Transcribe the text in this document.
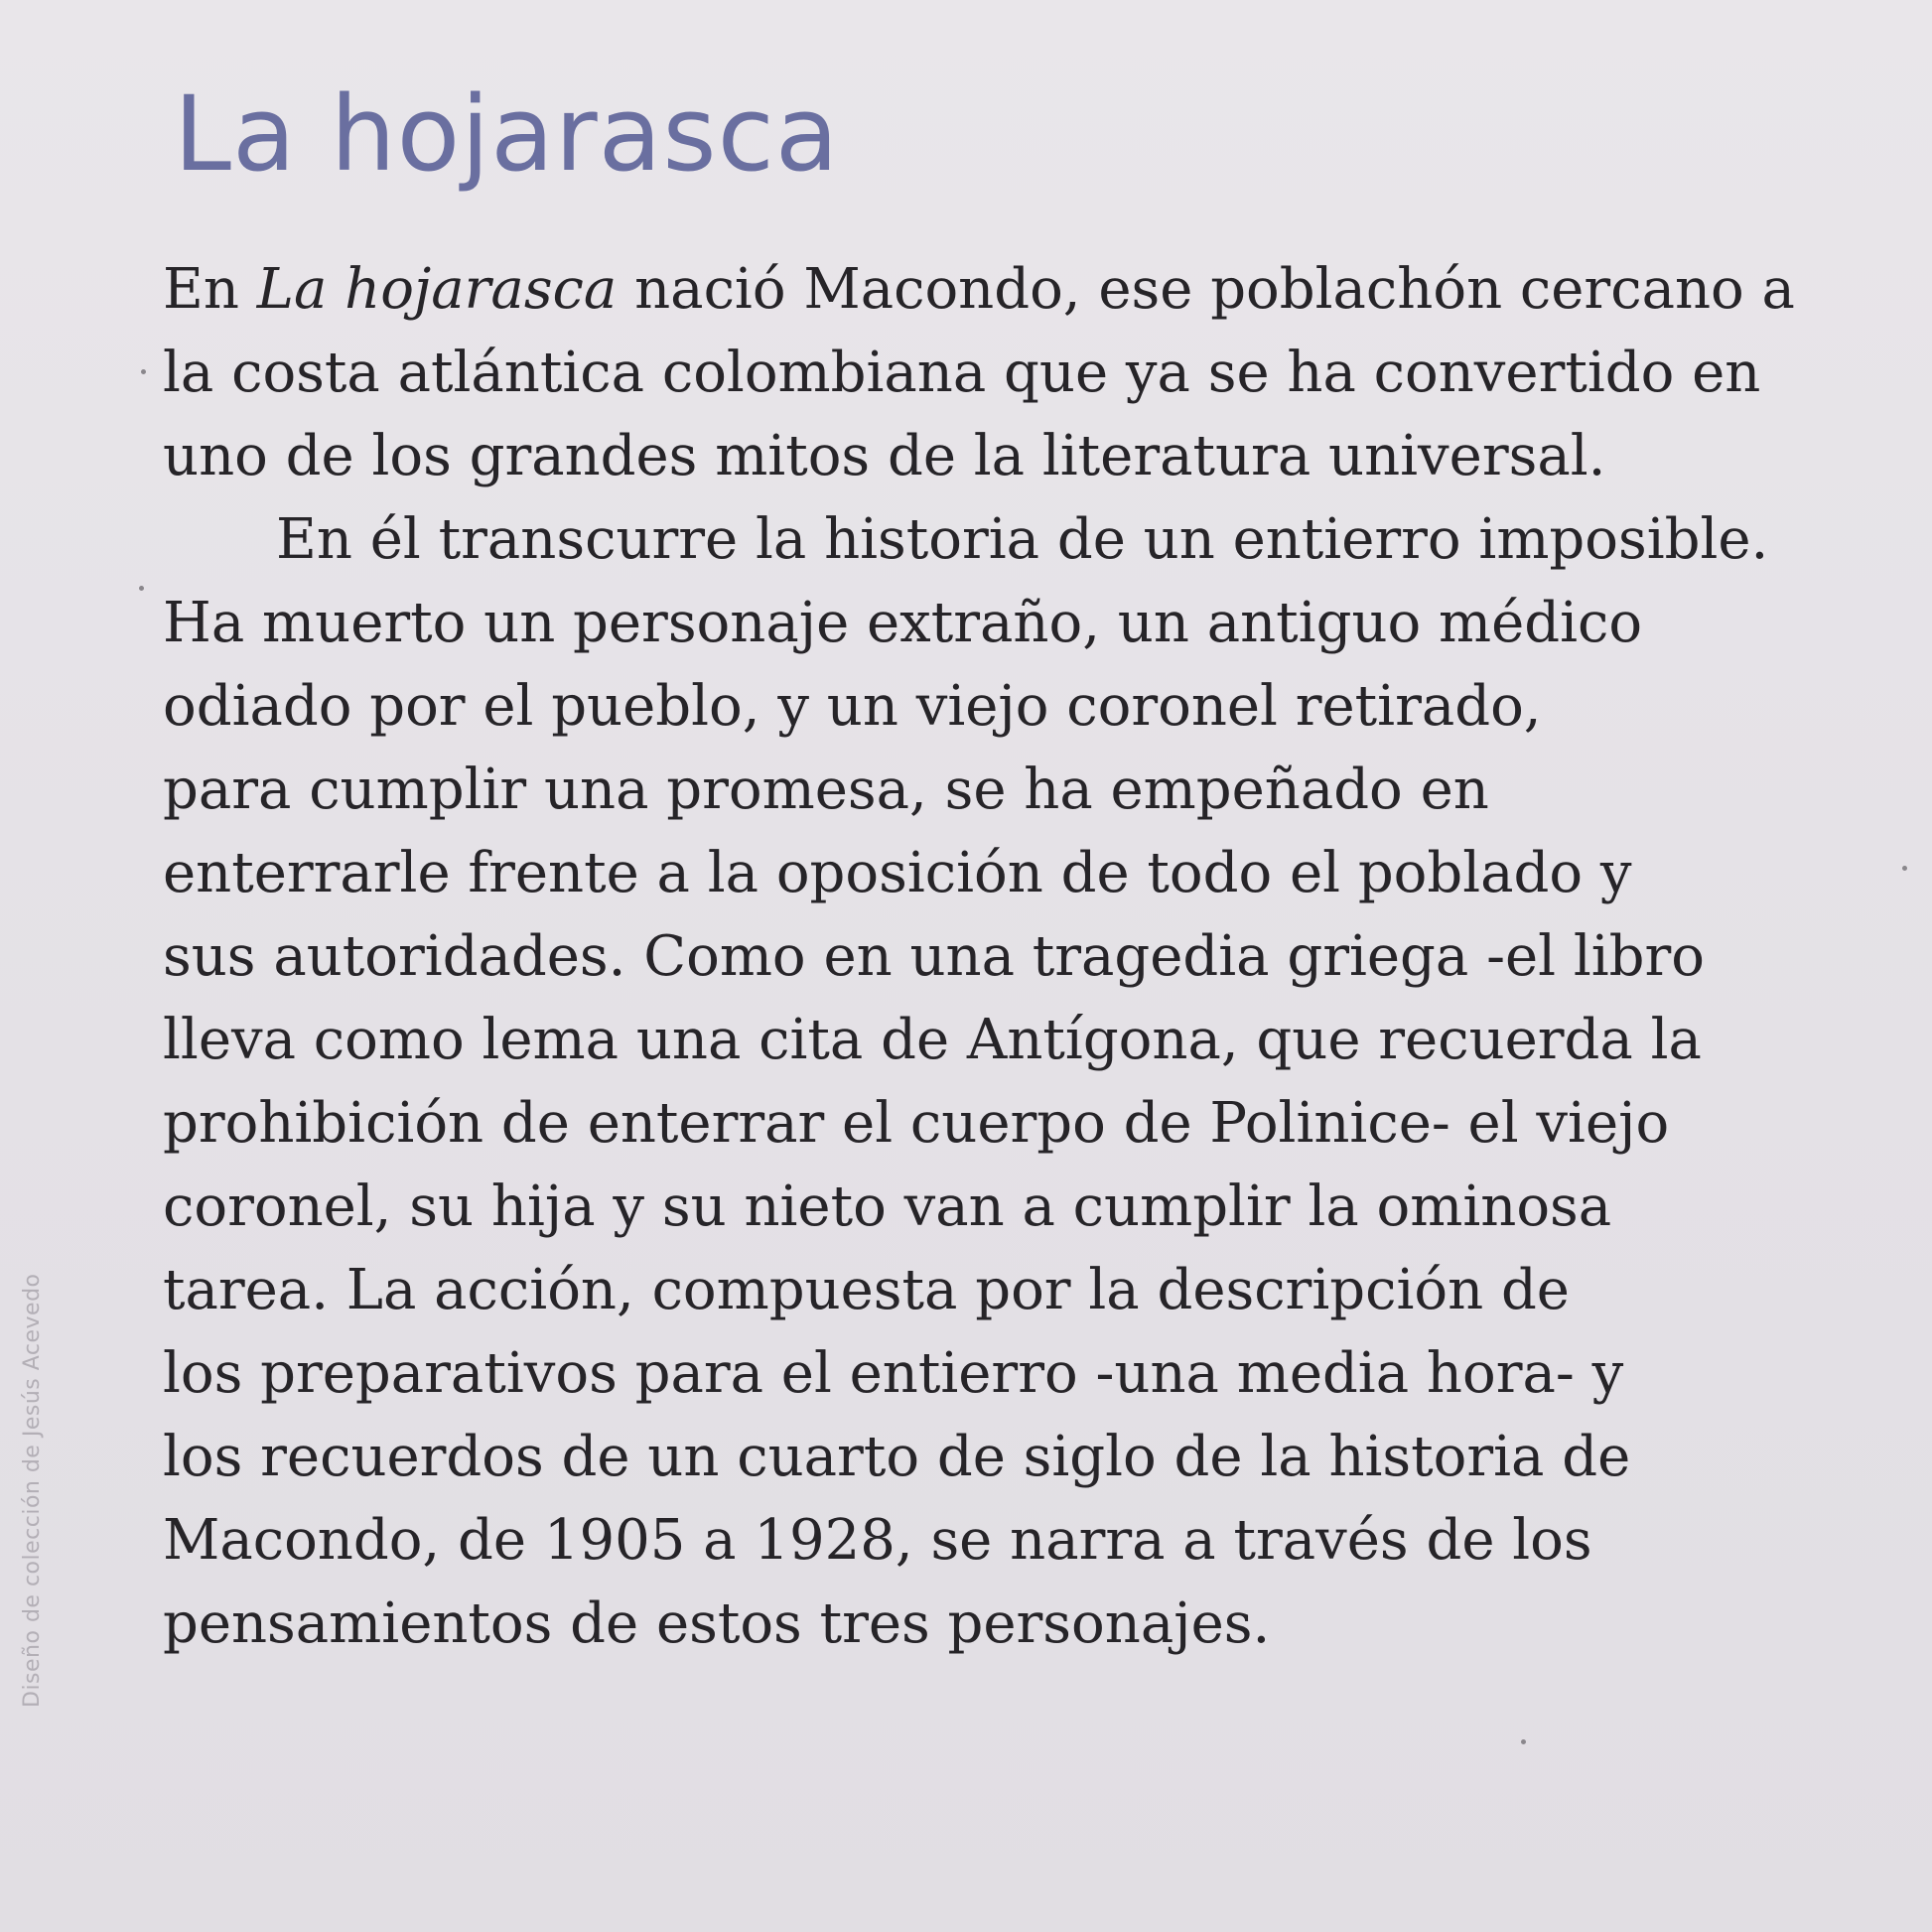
Diseño de colección de Jesús Acevedo
La hojarasca
En La hojarasca nació Macondo, ese poblachón cercano a
la costa atlántica colombiana que ya se ha convertido en
uno de los grandes mitos de la literatura universal.
En él transcurre la historia de un entierro imposible.
Ha muerto un personaje extraño, un antiguo médico
odiado por el pueblo, y un viejo coronel retirado,
para cumplir una promesa, se ha empeñado en
enterrarle frente a la oposición de todo el poblado y
sus autoridades. Como en una tragedia griega -el libro
lleva como lema una cita de Antígona, que recuerda la
prohibición de enterrar el cuerpo de Polinice- el viejo
coronel, su hija y su nieto van a cumplir la ominosa
tarea. La acción, compuesta por la descripción de
los preparativos para el entierro -una media hora- y
los recuerdos de un cuarto de siglo de la historia de
Macondo, de 1905 a 1928, se narra a través de los
pensamientos de estos tres personajes.
